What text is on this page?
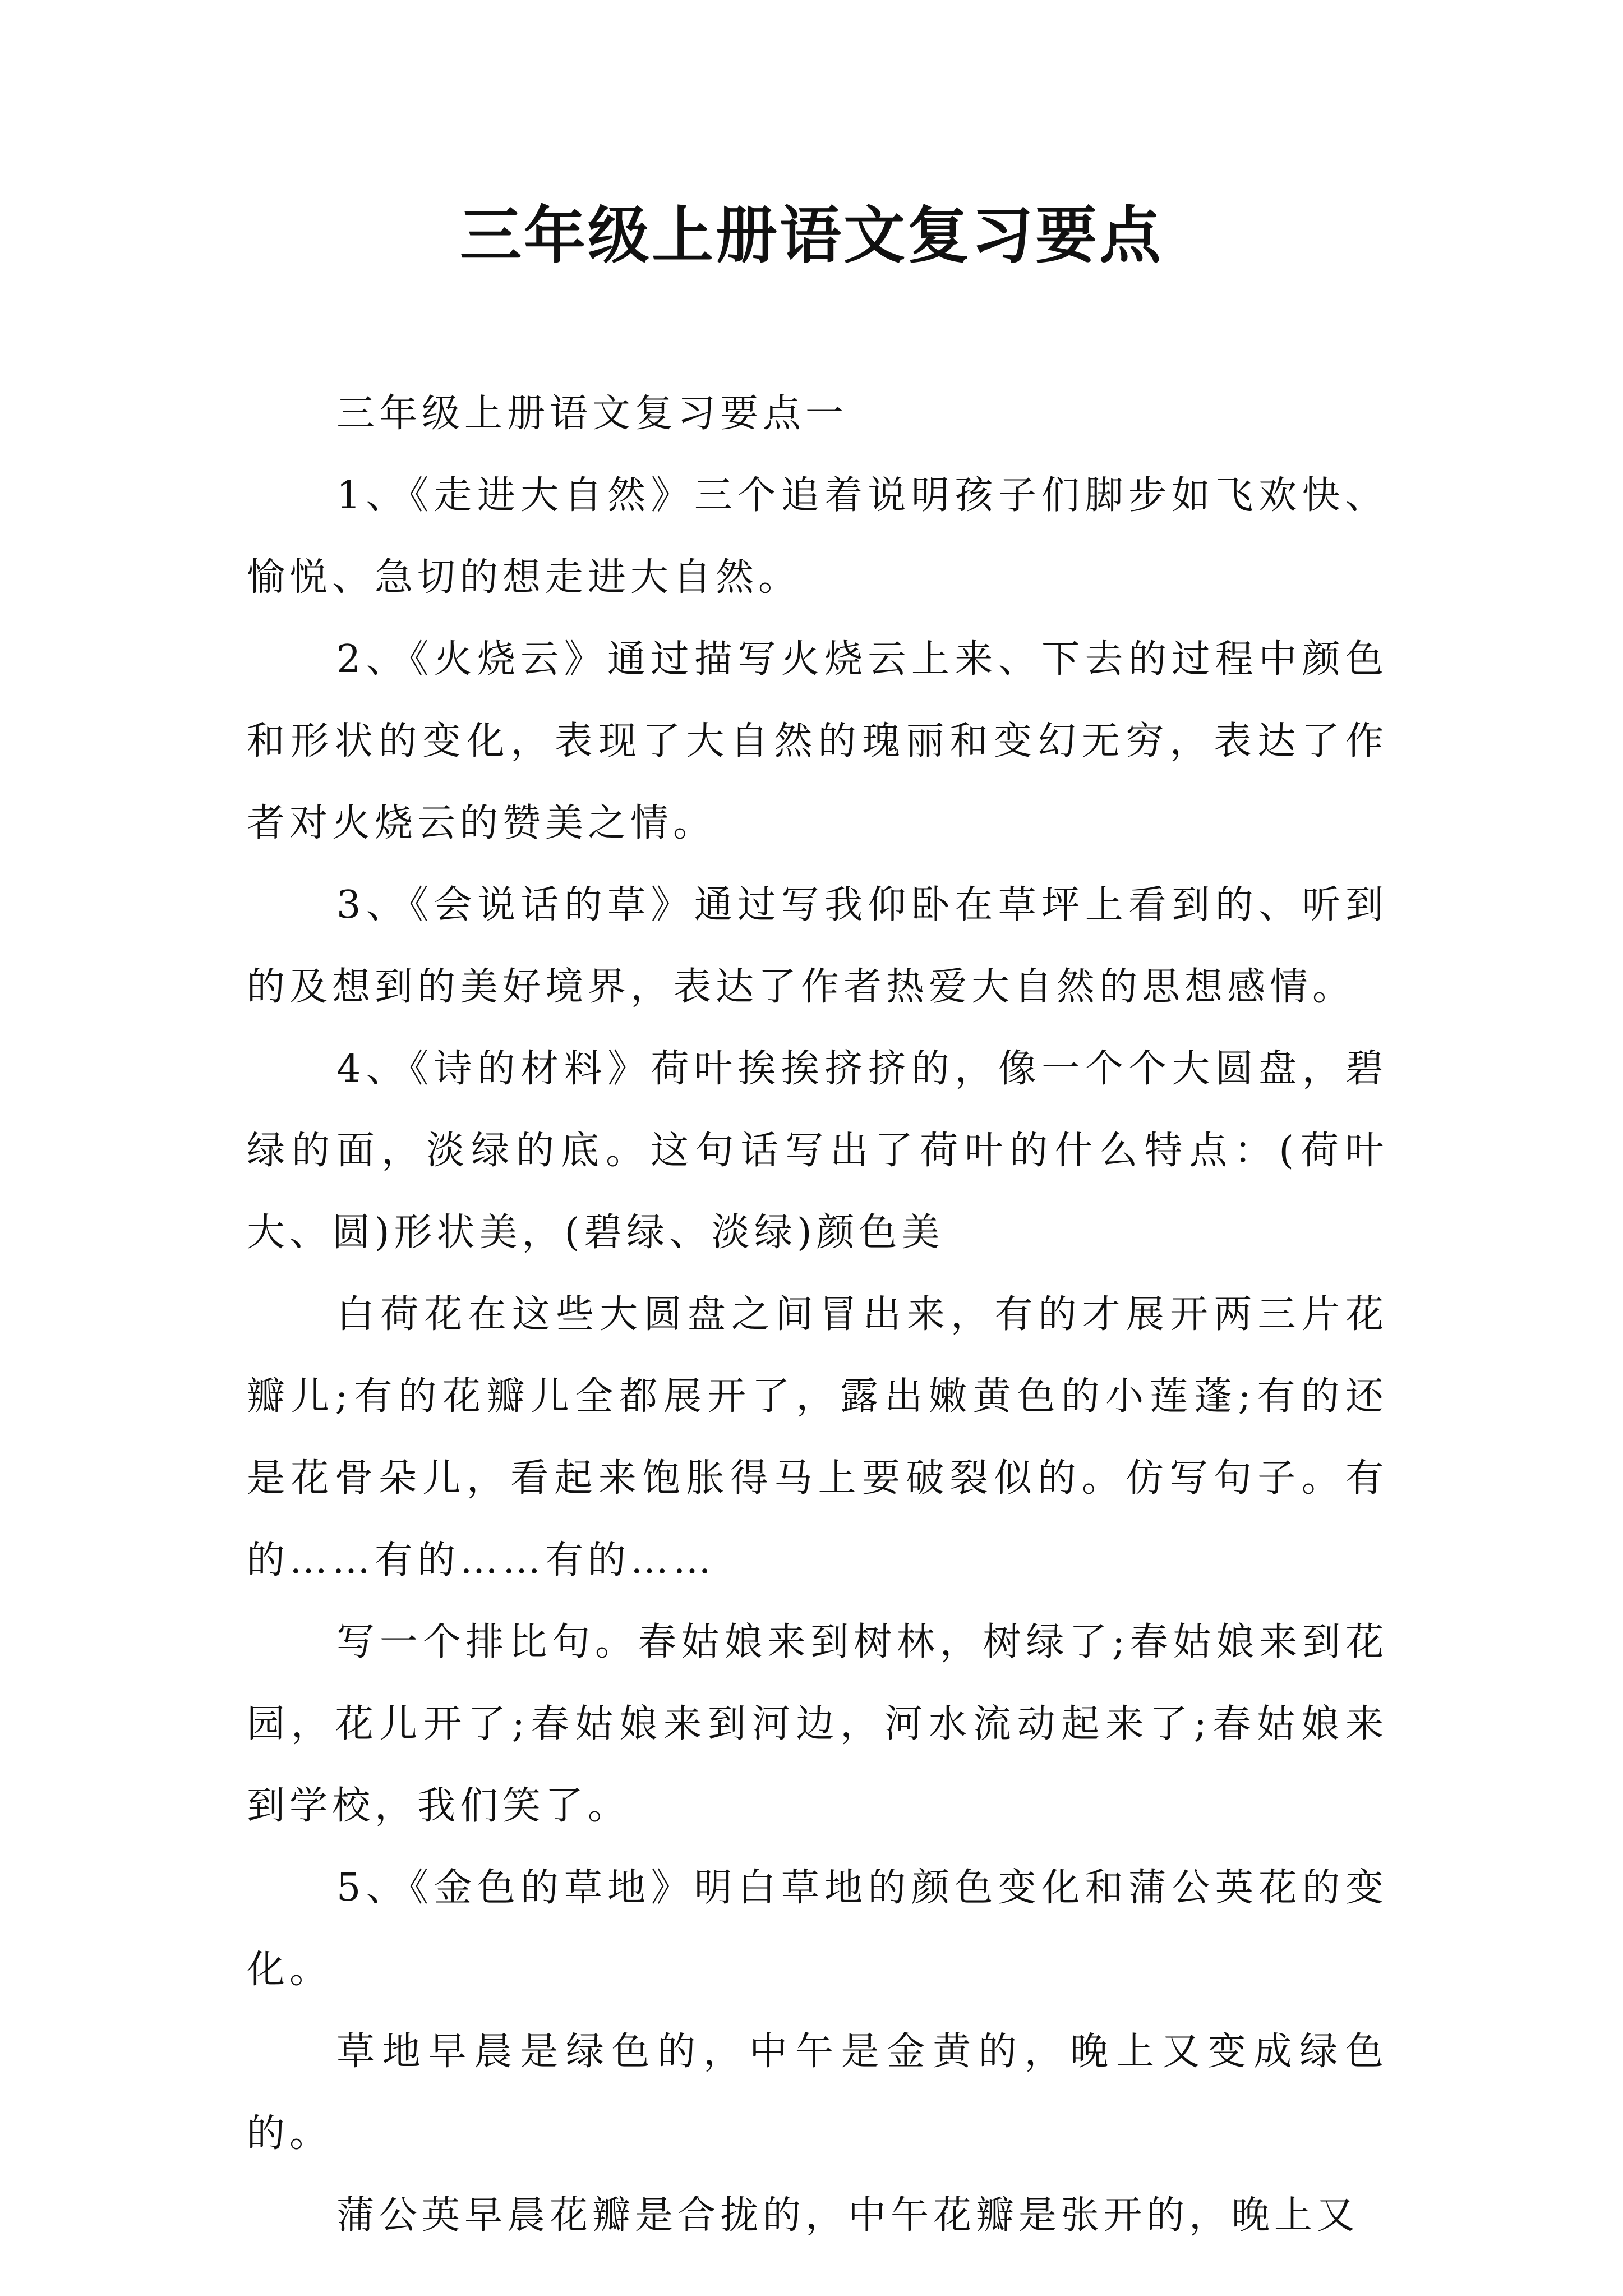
三年级上册语文复习要点

三年级上册语文复习要点一

1、《走进大自然》三个追着说明孩子们脚步如飞欢快、愉悦、急切的想走进大自然。

2、《火烧云》通过描写火烧云上来、下去的过程中颜色和形状的变化，表现了大自然的瑰丽和变幻无穷，表达了作者对火烧云的赞美之情。

3、《会说话的草》通过写我仰卧在草坪上看到的、听到的及想到的美好境界，表达了作者热爱大自然的思想感情。

4、《诗的材料》荷叶挨挨挤挤的，像一个个大圆盘，碧绿的面，淡绿的底。这句话写出了荷叶的什么特点：(荷叶大、圆)形状美，(碧绿、淡绿)颜色美

白荷花在这些大圆盘之间冒出来，有的才展开两三片花瓣儿;有的花瓣儿全都展开了，露出嫩黄色的小莲蓬;有的还是花骨朵儿，看起来饱胀得马上要破裂似的。仿写句子。有的……有的……有的……

写一个排比句。春姑娘来到树林，树绿了;春姑娘来到花园，花儿开了;春姑娘来到河边，河水流动起来了;春姑娘来到学校，我们笑了。

5、《金色的草地》明白草地的颜色变化和蒲公英花的变化。

草地早晨是绿色的，中午是金黄的，晚上又变成绿色的。

蒲公英早晨花瓣是合拢的，中午花瓣是张开的，晚上又
